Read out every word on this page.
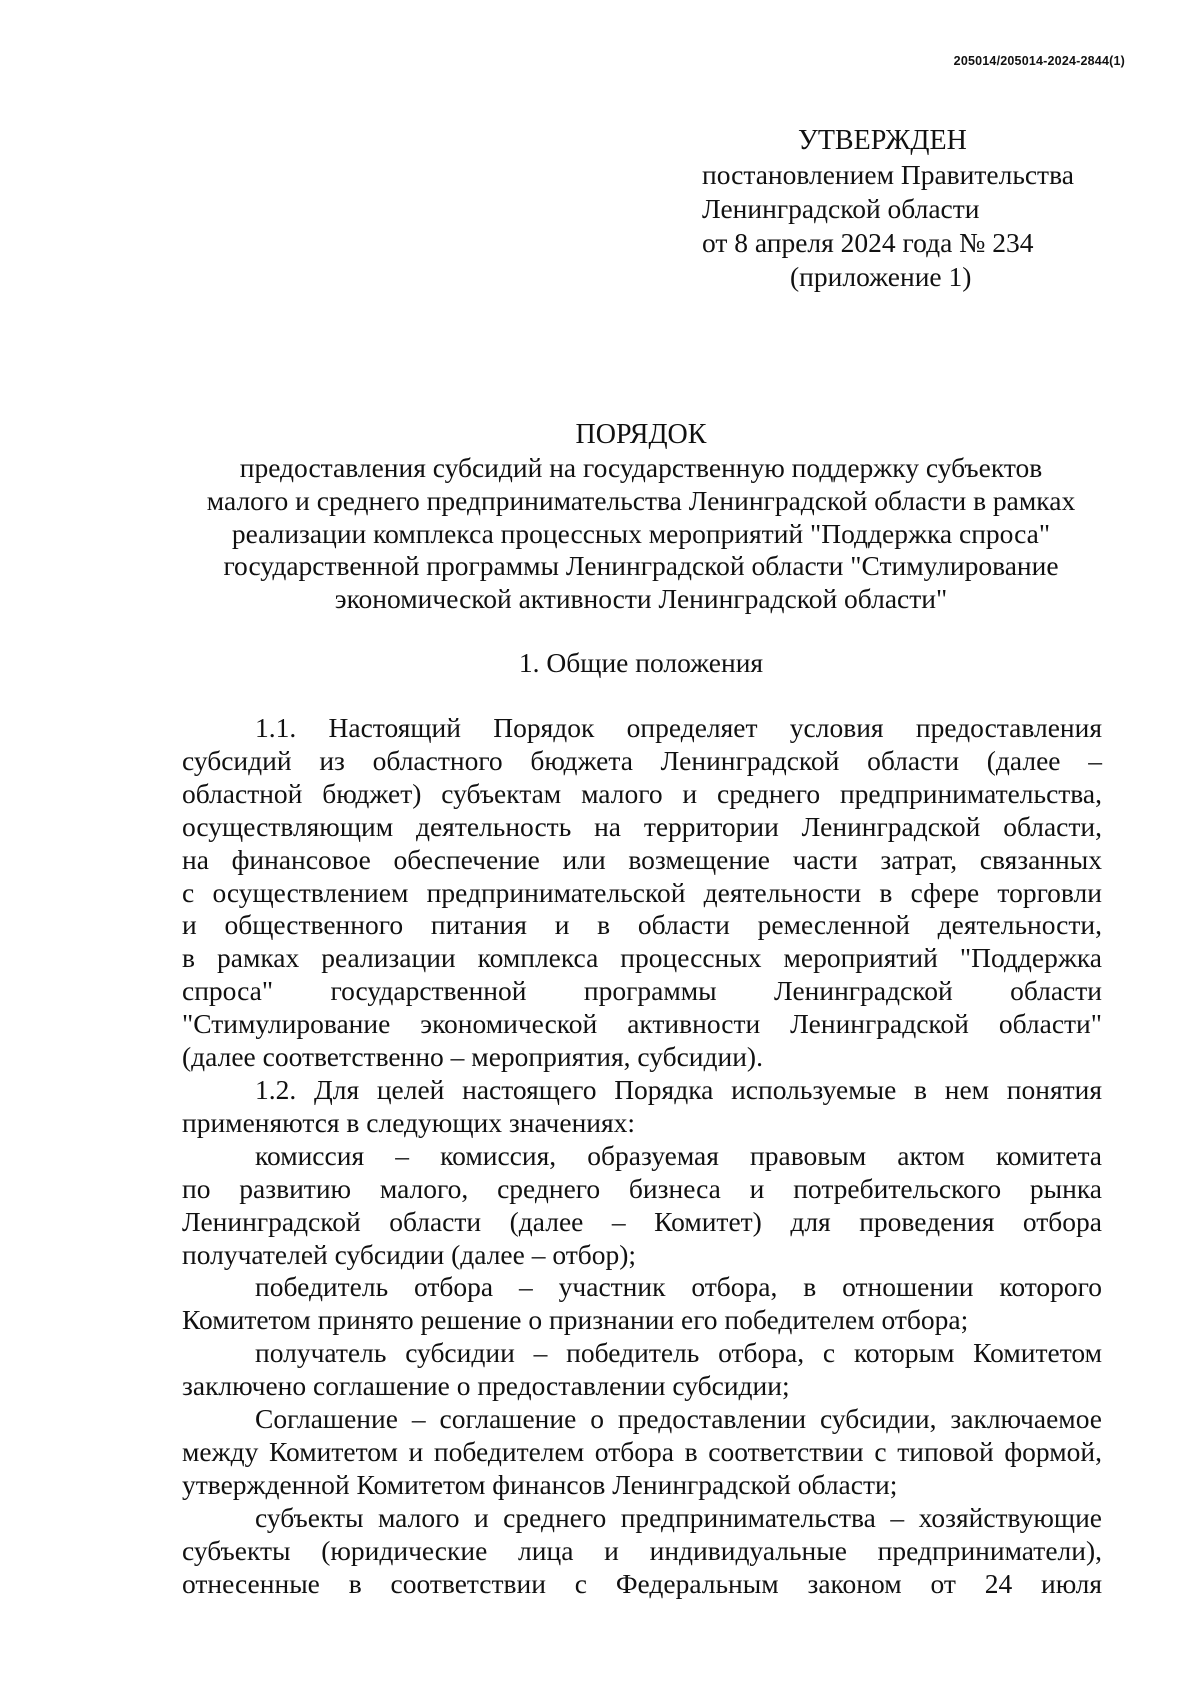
205014/205014-2024-2844(1)
УТВЕРЖДЕН
постановлением Правительства
Ленинградской области
от 8 апреля 2024 года № 234
(приложение 1)
ПОРЯДОК
предоставления субсидий на государственную поддержку субъектов
малого и среднего предпринимательства Ленинградской области в рамках
реализации комплекса процессных мероприятий "Поддержка спроса"
государственной программы Ленинградской области "Стимулирование
экономической активности Ленинградской области"
1. Общие положения
1.1. Настоящий Порядок определяет условия предоставления
субсидий из областного бюджета Ленинградской области (далее –
областной бюджет) субъектам малого и среднего предпринимательства,
осуществляющим деятельность на территории Ленинградской области,
на финансовое обеспечение или возмещение части затрат, связанных
с осуществлением предпринимательской деятельности в сфере торговли
и общественного питания и в области ремесленной деятельности,
в рамках реализации комплекса процессных мероприятий "Поддержка
спроса" государственной программы Ленинградской области
"Стимулирование экономической активности Ленинградской области"
(далее соответственно – мероприятия, субсидии).
1.2. Для целей настоящего Порядка используемые в нем понятия
применяются в следующих значениях:
комиссия – комиссия, образуемая правовым актом комитета
по развитию малого, среднего бизнеса и потребительского рынка
Ленинградской области (далее – Комитет) для проведения отбора
получателей субсидии (далее – отбор);
победитель отбора – участник отбора, в отношении которого
Комитетом принято решение о признании его победителем отбора;
получатель субсидии – победитель отбора, с которым Комитетом
заключено соглашение о предоставлении субсидии;
Соглашение – соглашение о предоставлении субсидии, заключаемое
между Комитетом и победителем отбора в соответствии с типовой формой,
утвержденной Комитетом финансов Ленинградской области;
субъекты малого и среднего предпринимательства – хозяйствующие
субъекты (юридические лица и индивидуальные предприниматели),
отнесенные в соответствии с Федеральным законом от 24 июля
